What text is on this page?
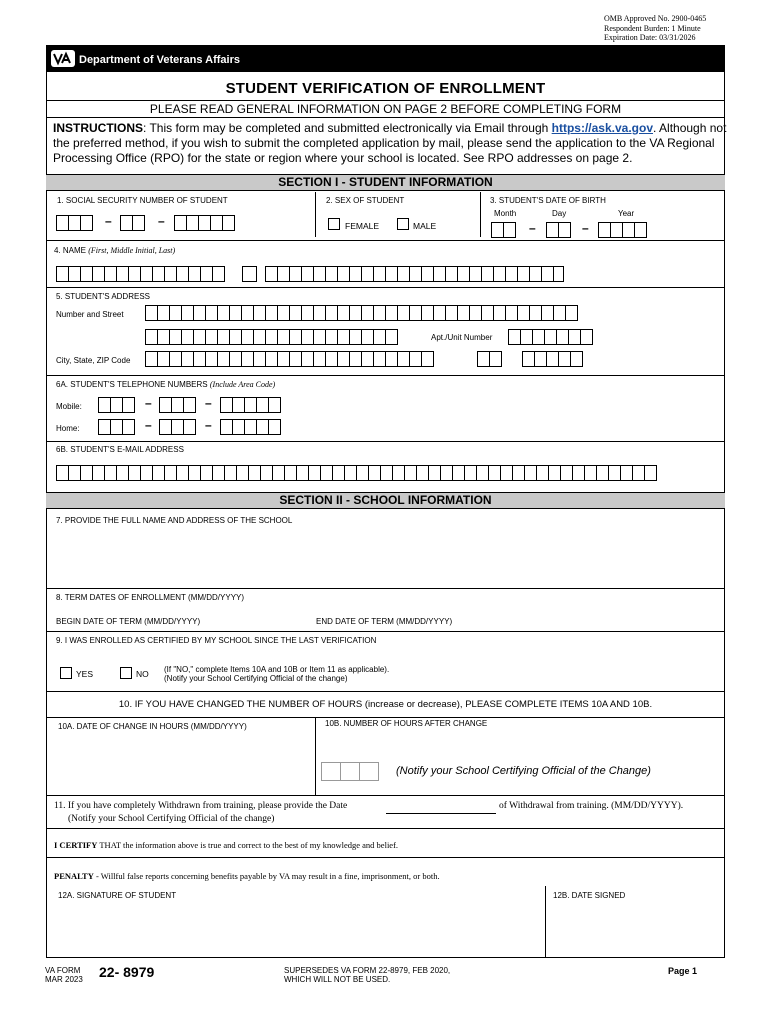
OMB Approved No. 2900-0465
Respondent Burden: 1 Minute
Expiration Date: 03/31/2026
Department of Veterans Affairs
STUDENT VERIFICATION OF ENROLLMENT
PLEASE READ GENERAL INFORMATION ON PAGE 2 BEFORE COMPLETING FORM
INSTRUCTIONS: This form may be completed and submitted electronically via Email through https://ask.va.gov. Although not the preferred method, if you wish to submit the completed application by mail, please send the application to the VA Regional Processing Office (RPO) for the state or region where your school is located. See RPO addresses on page 2.
SECTION I - STUDENT INFORMATION
1. SOCIAL SECURITY NUMBER OF STUDENT
–	–
2. SEX OF STUDENT
FEMALE	MALE
3. STUDENT'S DATE OF BIRTH
Month	Day	Year
–	–
4. NAME (First, Middle Initial, Last)
5. STUDENT'S ADDRESS
Number and Street
Apt./Unit Number
City, State, ZIP Code
6A. STUDENT'S TELEPHONE NUMBERS (Include Area Code)
Mobile:	–	–
Home:	–	–
6B. STUDENT'S E-MAIL ADDRESS
SECTION II - SCHOOL INFORMATION
7. PROVIDE THE FULL NAME AND ADDRESS OF THE SCHOOL
8. TERM DATES OF ENROLLMENT (MM/DD/YYYY)
BEGIN DATE OF TERM (MM/DD/YYYY)	END DATE OF TERM (MM/DD/YYYY)
9. I WAS ENROLLED AS CERTIFIED BY MY SCHOOL SINCE THE LAST VERIFICATION
YES	NO (If "NO," complete Items 10A and 10B or Item 11 as applicable).
(Notify your School Certifying Official of the change)
10. IF YOU HAVE CHANGED THE NUMBER OF HOURS (increase or decrease), PLEASE COMPLETE ITEMS 10A AND 10B.
10A. DATE OF CHANGE IN HOURS (MM/DD/YYYY)	10B. NUMBER OF HOURS AFTER CHANGE
(Notify your School Certifying Official of the Change)
11. If you have completely Withdrawn from training, please provide the Date	of Withdrawal from training. (MM/DD/YYYY).
(Notify your School Certifying Official of the change)
I CERTIFY THAT the information above is true and correct to the best of my knowledge and belief.
PENALTY - Willful false reports concerning benefits payable by VA may result in a fine, imprisonment, or both.
12A. SIGNATURE OF STUDENT	12B. DATE SIGNED
VA FORM
MAR 2023 22- 8979	SUPERSEDES VA FORM 22-8979, FEB 2020,
WHICH WILL NOT BE USED.
Page 1
